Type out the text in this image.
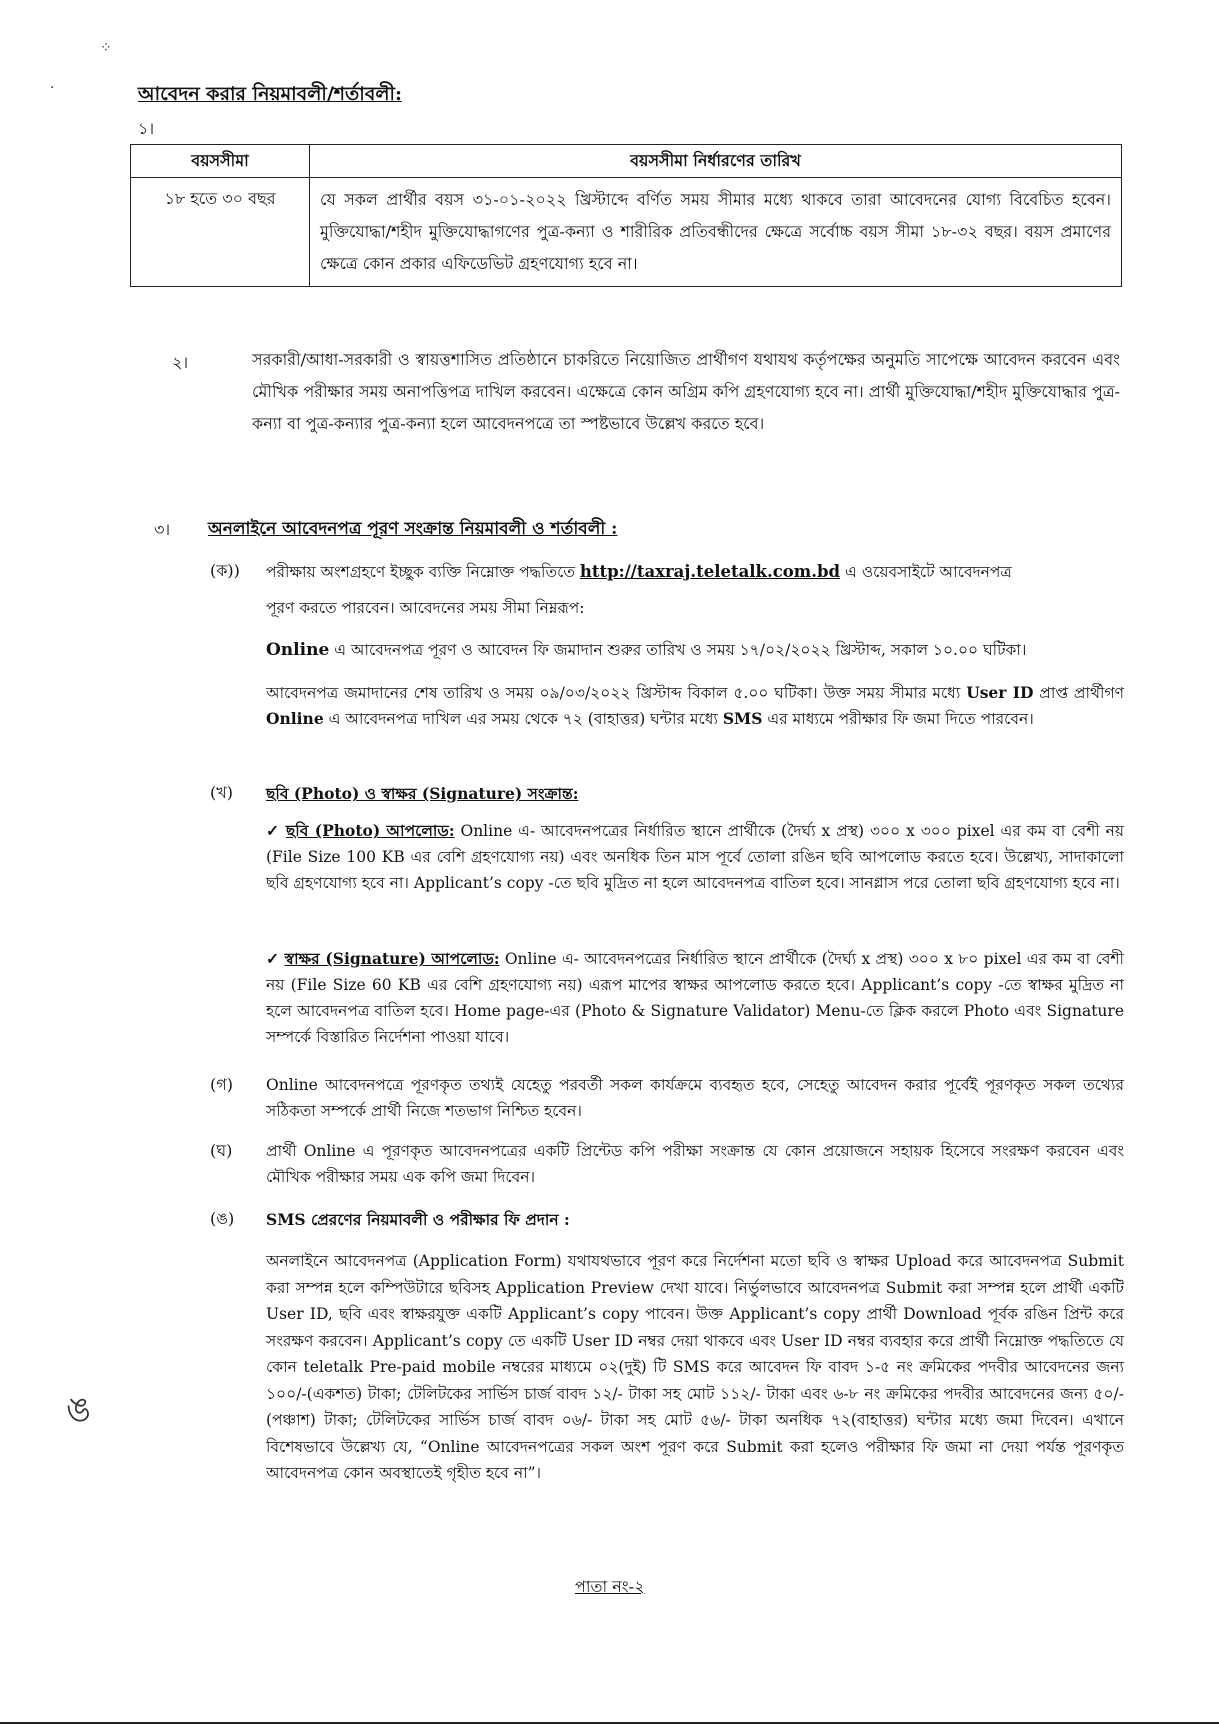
⁘
·	আবেদন করার নিয়মাবলী/শর্তাবলী:
১।
বয়সসীমা	বয়সসীমা নির্ধারণের তারিখ
১৮ হতে ৩০ বছর	যে সকল প্রার্থীর বয়স ৩১-০১-২০২২ খ্রিস্টাব্দে বর্ণিত সময় সীমার মধ্যে থাকবে তারা আবেদনের যোগ্য বিবেচিত হবেন। মুক্তিযোদ্ধা/শহীদ মুক্তিযোদ্ধাগণের পুত্র-কন্যা ও শারীরিক প্রতিবন্ধীদের ক্ষেত্রে সর্বোচ্চ বয়স সীমা ১৮-৩২ বছর। বয়স প্রমাণের ক্ষেত্রে কোন প্রকার এফিডেভিট গ্রহণযোগ্য হবে না।
২।	সরকারী/আধা-সরকারী ও স্বায়ত্তশাসিত প্রতিষ্ঠানে চাকরিতে নিয়োজিত প্রার্থীগণ যথাযথ কর্তৃপক্ষের অনুমতি সাপেক্ষে আবেদন করবেন এবং মৌখিক পরীক্ষার সময় অনাপত্তিপত্র দাখিল করবেন। এক্ষেত্রে কোন অগ্রিম কপি গ্রহণযোগ্য হবে না। প্রার্থী মুক্তিযোদ্ধা/শহীদ মুক্তিযোদ্ধার পুত্র-কন্যা বা পুত্র-কন্যার পুত্র-কন্যা হলে আবেদনপত্রে তা স্পষ্টভাবে উল্লেখ করতে হবে।
৩। অনলাইনে আবেদনপত্র পূরণ সংক্রান্ত নিয়মাবলী ও শর্তাবলী :
(ক)) পরীক্ষায় অংশগ্রহণে ইচ্ছুক ব্যক্তি নিম্নোক্ত পদ্ধতিতে http://taxraj.teletalk.com.bd এ ওয়েবসাইটে আবেদনপত্র
পূরণ করতে পারবেন। আবেদনের সময় সীমা নিম্নরূপ:
Online এ আবেদনপত্র পূরণ ও আবেদন ফি জমাদান শুরুর তারিখ ও সময় ১৭/০২/২০২২ খ্রিস্টাব্দ, সকাল ১০.০০ ঘটিকা।
আবেদনপত্র জমাদানের শেষ তারিখ ও সময় ০৯/০৩/২০২২ খ্রিস্টাব্দ বিকাল ৫.০০ ঘটিকা। উক্ত সময় সীমার মধ্যে User ID প্রাপ্ত প্রার্থীগণ Online এ আবেদনপত্র দাখিল এর সময় থেকে ৭২ (বাহাত্তর) ঘন্টার মধ্যে SMS এর মাধ্যমে পরীক্ষার ফি জমা দিতে পারবেন।
(খ) ছবি (Photo) ও স্বাক্ষর (Signature) সংক্রান্ত:
✓ ছবি (Photo) আপলোড: Online এ- আবেদনপত্রের নির্ধারিত স্থানে প্রার্থীকে (দৈর্ঘ্য x প্রস্থ) ৩০০ x ৩০০ pixel এর কম বা বেশী নয় (File Size 100 KB এর বেশি গ্রহণযোগ্য নয়) এবং অনধিক তিন মাস পূর্বে তোলা রঙিন ছবি আপলোড করতে হবে। উল্লেখ্য, সাদাকালো ছবি গ্রহণযোগ্য হবে না। Applicant’s copy -তে ছবি মুদ্রিত না হলে আবেদনপত্র বাতিল হবে। সানগ্লাস পরে তোলা ছবি গ্রহণযোগ্য হবে না।
✓ স্বাক্ষর (Signature) আপলোড: Online এ- আবেদনপত্রের নির্ধারিত স্থানে প্রার্থীকে (দৈর্ঘ্য x প্রস্থ) ৩০০ x ৮০ pixel এর কম বা বেশী নয় (File Size 60 KB এর বেশি গ্রহণযোগ্য নয়) এরূপ মাপের স্বাক্ষর আপলোড করতে হবে। Applicant’s copy -তে স্বাক্ষর মুদ্রিত না হলে আবেদনপত্র বাতিল হবে। Home page-এর (Photo & Signature Validator) Menu-তে ক্লিক করলে Photo এবং Signature সম্পর্কে বিস্তারিত নির্দেশনা পাওয়া যাবে।
(গ) Online আবেদনপত্রে পূরণকৃত তথ্যই যেহেতু পরবর্তী সকল কার্যক্রমে ব্যবহৃত হবে, সেহেতু আবেদন করার পূর্বেই পূরণকৃত সকল তথ্যের সঠিকতা সম্পর্কে প্রার্থী নিজে শতভাগ নিশ্চিত হবেন।
(ঘ) প্রার্থী Online এ পূরণকৃত আবেদনপত্রের একটি প্রিন্টেড কপি পরীক্ষা সংক্রান্ত যে কোন প্রয়োজনে সহায়ক হিসেবে সংরক্ষণ করবেন এবং মৌখিক পরীক্ষার সময় এক কপি জমা দিবেন।
(ঙ) SMS প্রেরণের নিয়মাবলী ও পরীক্ষার ফি প্রদান :
অনলাইনে আবেদনপত্র (Application Form) যথাযথভাবে পূরণ করে নির্দেশনা মতো ছবি ও স্বাক্ষর Upload করে আবেদনপত্র Submit করা সম্পন্ন হলে কম্পিউটারে ছবিসহ Application Preview দেখা যাবে। নির্ভুলভাবে আবেদনপত্র Submit করা সম্পন্ন হলে প্রার্থী একটি User ID, ছবি এবং স্বাক্ষরযুক্ত একটি Applicant’s copy পাবেন। উক্ত Applicant’s copy প্রার্থী Download পূর্বক রঙিন প্রিন্ট করে সংরক্ষণ করবেন। Applicant’s copy তে একটি User ID নম্বর দেয়া থাকবে এবং User ID নম্বর ব্যবহার করে প্রার্থী নিম্নোক্ত পদ্ধতিতে যে কোন teletalk Pre-paid mobile নম্বরের মাধ্যমে ০২(দুই) টি SMS করে আবেদন ফি বাবদ ১-৫ নং ক্রমিকের পদবীর আবেদনের জন্য ১০০/-(একশত) টাকা; টেলিটকের সার্ভিস চার্জ বাবদ ১২/- টাকা সহ মোট ১১২/- টাকা এবং ৬-৮ নং ক্রমিকের পদবীর আবেদনের জন্য ৫০/-(পঞ্চাশ) টাকা; টেলিটকের সার্ভিস চার্জ বাবদ ০৬/- টাকা সহ মোট ৫৬/- টাকা অনধিক ৭২(বাহাত্তর) ঘন্টার মধ্যে জমা দিবেন। এখানে বিশেষভাবে উল্লেখ্য যে, “Online আবেদনপত্রের সকল অংশ পূরণ করে Submit করা হলেও পরীক্ষার ফি জমা না দেয়া পর্যন্ত পূরণকৃত আবেদনপত্র কোন অবস্থাতেই গৃহীত হবে না”।
ঙ
পাতা নং-২
